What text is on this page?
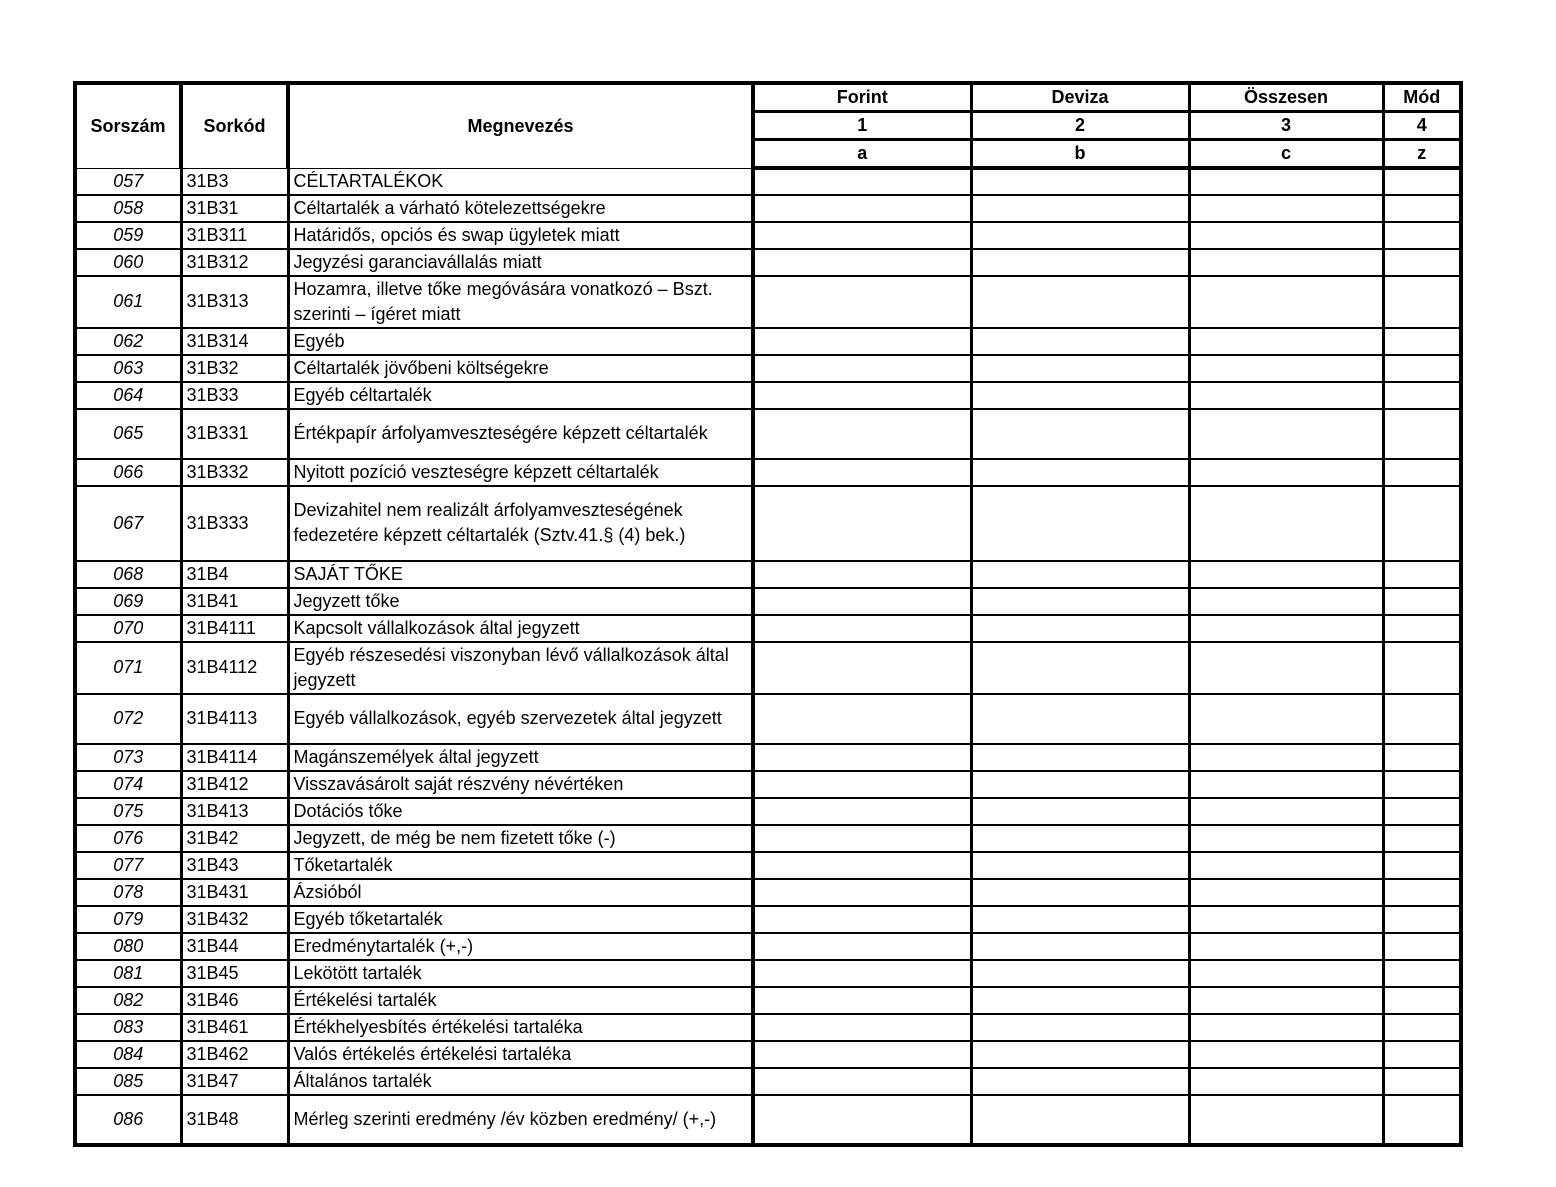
Sorszám	Sorkód	Megnevezés	Forint	Deviza	Összesen	Mód
			1	2	3	4
			a	b	c	z
057	31B3	CÉLTARTALÉKOK				
058	31B31	Céltartalék a várható kötelezettségekre				
059	31B311	Határidős, opciós és swap ügyletek miatt				
060	31B312	Jegyzési garanciavállalás miatt				
061	31B313	Hozamra, illetve tőke megóvására vonatkozó – Bszt. szerinti – ígéret miatt				
062	31B314	Egyéb				
063	31B32	Céltartalék jövőbeni költségekre				
064	31B33	Egyéb céltartalék				
065	31B331	Értékpapír árfolyamveszteségére képzett céltartalék				
066	31B332	Nyitott pozíció veszteségre képzett céltartalék				
067	31B333	Devizahitel nem realizált árfolyamveszteségének fedezetére képzett céltartalék (Sztv.41.§ (4) bek.)				
068	31B4	SAJÁT TŐKE				
069	31B41	Jegyzett tőke				
070	31B4111	Kapcsolt vállalkozások által jegyzett				
071	31B4112	Egyéb részesedési viszonyban lévő vállalkozások által jegyzett				
072	31B4113	Egyéb vállalkozások, egyéb szervezetek által jegyzett				
073	31B4114	Magánszemélyek által jegyzett				
074	31B412	Visszavásárolt saját részvény névértéken				
075	31B413	Dotációs tőke				
076	31B42	Jegyzett, de még be nem fizetett tőke (-)				
077	31B43	Tőketartalék				
078	31B431	Ázsióból				
079	31B432	Egyéb tőketartalék				
080	31B44	Eredménytartalék (+,-)				
081	31B45	Lekötött tartalék				
082	31B46	Értékelési tartalék				
083	31B461	Értékhelyesbítés értékelési tartaléka				
084	31B462	Valós értékelés értékelési tartaléka				
085	31B47	Általános tartalék				
086	31B48	Mérleg szerinti eredmény /év közben eredmény/ (+,-)				
